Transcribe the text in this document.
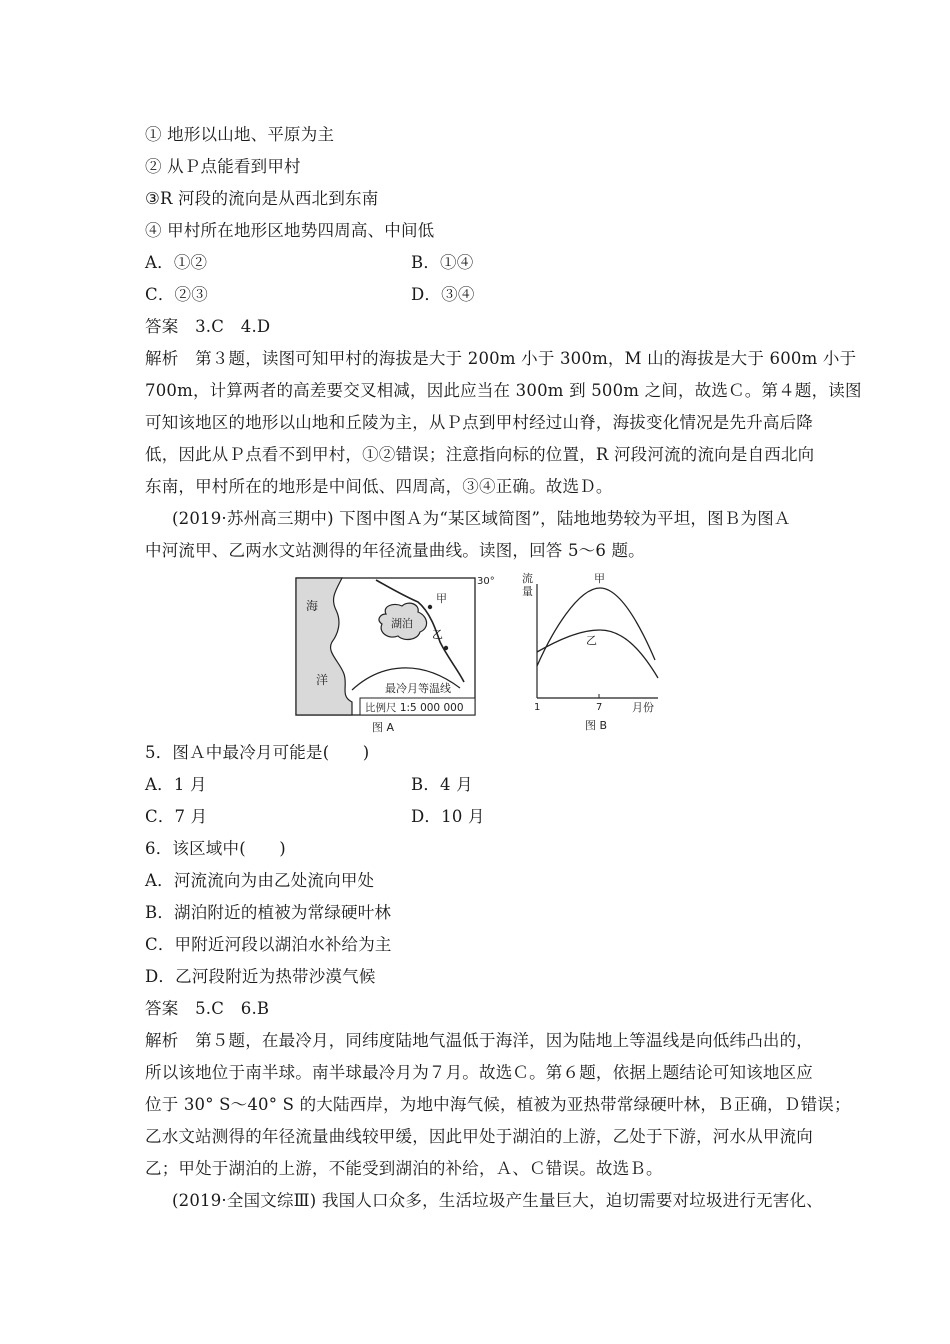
① 地形以山地、平原为主
② 从Ｐ点能看到甲村
③R 河段的流向是从西北到东南
④ 甲村所在地形区地势四周高、中间低
A．①②	B．①④
C．②③	D．③④
答案　3.C　4.D
解析　第３题，读图可知甲村的海拔是大于 200m 小于 300m，M 山的海拔是大于 600m 小于
700m，计算两者的高差要交叉相减，因此应当在 300m 到 500m 之间，故选Ｃ。第４题，读图
可知该地区的地形以山地和丘陵为主，从Ｐ点到甲村经过山脊，海拔变化情况是先升高后降
低，因此从Ｐ点看不到甲村，①②错误；注意指向标的位置，R 河段河流的流向是自西北向
东南，甲村所在的地形是中间低、四周高，③④正确。故选Ｄ。
(2019·苏州高三期中) 下图中图Ａ为“某区域简图”，陆地地势较为平坦，图Ｂ为图Ａ
中河流甲、乙两水文站测得的年径流量曲线。读图，回答 5～6 题。
海
洋
30°
甲
乙
湖泊
最冷月等温线
比例尺 1:5 000 000
图 A
流
量
甲
乙
1	7	月份
图 B
5．图Ａ中最冷月可能是(　　)
A．1 月	B．4 月
C．7 月	D．10 月
6．该区域中(　　)
A．河流流向为由乙处流向甲处
B．湖泊附近的植被为常绿硬叶林
C．甲附近河段以湖泊水补给为主
D．乙河段附近为热带沙漠气候
答案　5.C　6.B
解析　第５题，在最冷月，同纬度陆地气温低于海洋，因为陆地上等温线是向低纬凸出的，
所以该地位于南半球。南半球最冷月为７月。故选Ｃ。第６题，依据上题结论可知该地区应
位于 30° S～40° S 的大陆西岸，为地中海气候，植被为亚热带常绿硬叶林，Ｂ正确，Ｄ错误；
乙水文站测得的年径流量曲线较甲缓，因此甲处于湖泊的上游，乙处于下游，河水从甲流向
乙；甲处于湖泊的上游，不能受到湖泊的补给，Ａ、Ｃ错误。故选Ｂ。
(2019·全国文综Ⅲ) 我国人口众多，生活垃圾产生量巨大，迫切需要对垃圾进行无害化、
